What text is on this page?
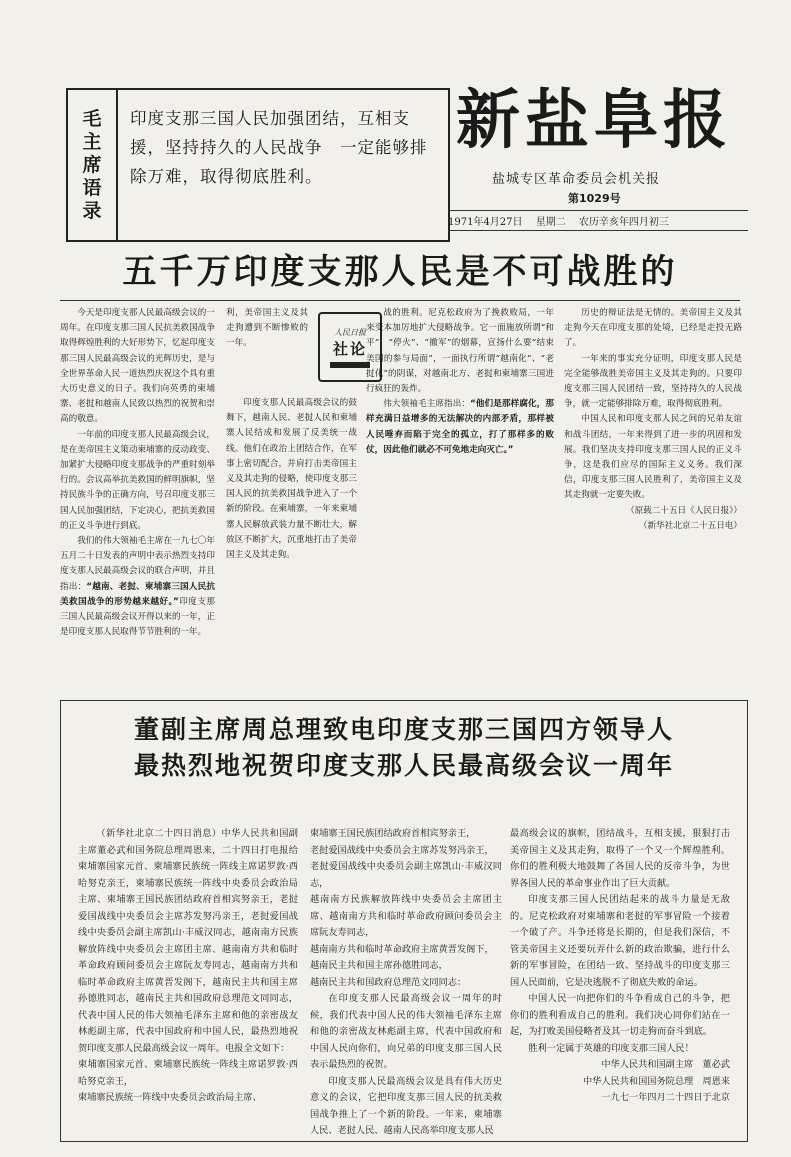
毛
主
席
语
录
印度支那三国人民加强团结，互相支援，坚持持久的人民战争　一定能够排除万难，取得彻底胜利。
新盐阜报
盐城专区革命委员会机关报
第1029号
1971年4月27日 星期二 农历辛亥年四月初三
五千万印度支那人民是不可战胜的

今天是印度支那人民最高级会议的一周年。在印度支那三国人民抗美救国战争取得辉煌胜利的大好形势下，忆起印度支那三国人民最高级会议的光辉历史，是与全世界革命人民一道热烈庆祝这个具有重大历史意义的日子。我们向英勇的柬埔寨、老挝和越南人民致以热烈的祝贺和崇高的敬意。

一年前的印度支那人民最高级会议，是在美帝国主义策动柬埔寨的反动政变、加紧扩大侵略印度支那战争的严重时刻举行的。会议高举抗美救国的鲜明旗帜，坚持民族斗争的正确方向，号召印度支那三国人民加强团结，下定决心，把抗美救国的正义斗争进行到底。

我们的伟大领袖毛主席在一九七〇年五月二十日发表的声明中表示热烈支持印度支那人民最高级会议的联合声明，并且指出：“越南、老挝、柬埔寨三国人民抗美救国战争的形势越来越好。”印度支那三国人民最高级会议开得以来的一年，正是印度支那人民取得节节胜利的一年。

利，美帝国主义及其走狗遭到不断惨败的一年。

人民日报
社论

印度支那人民最高级会议的鼓舞下，越南人民、老挝人民和柬埔寨人民结成和发展了反美统一战线。他们在政治上团结合作，在军事上密切配合，并肩打击美帝国主义及其走狗的侵略，使印度支那三国人民的抗美救国战争进入了一个新的阶段。在柬埔寨，一年来柬埔寨人民解放武装力量不断壮大，解放区不断扩大，沉重地打击了美帝国主义及其走狗。

战的胜利。尼克松政府为了挽救败局，一年来变本加厉地扩大侵略战争。它一面施放所谓“和平”、“停火”、“撤军”的烟幕，宣扬什么要“结束美国的参与局面”，一面执行所谓“越南化”、“老挝化”的阴谋，对越南北方、老挝和柬埔寨三国进行疯狂的轰炸。

伟大领袖毛主席指出：“他们是那样腐化，那样充满日益增多的无法解决的内部矛盾，那样被人民唾弃而陷于完全的孤立，打了那样多的败仗，因此他们就必不可免地走向灭亡。”

历史的辩证法是无情的。美帝国主义及其走狗今天在印度支那的处境，已经是走投无路了。

一年来的事实充分证明，印度支那人民是完全能够战胜美帝国主义及其走狗的。只要印度支那三国人民团结一致，坚持持久的人民战争，就一定能够排除万难，取得彻底胜利。

中国人民和印度支那人民之间的兄弟友谊和战斗团结，一年来得到了进一步的巩固和发展。我们坚决支持印度支那三国人民的正义斗争，这是我们应尽的国际主义义务。我们深信，印度支那三国人民胜利了，美帝国主义及其走狗就一定要失败。

（原载二十五日《人民日报》）

（新华社北京二十五日电）

董副主席周总理致电印度支那三国四方领导人
最热烈地祝贺印度支那人民最高级会议一周年

（新华社北京二十四日消息）中华人民共和国副主席董必武和国务院总理周恩来，二十四日打电报给柬埔寨国家元首、柬埔寨民族统一阵线主席诺罗敦·西哈努克亲王，柬埔寨民族统一阵线中央委员会政治局主席、柬埔寨王国民族团结政府首相宾努亲王，老挝爱国战线中央委员会主席苏发努冯亲王，老挝爱国战线中央委员会副主席凯山·丰威汉同志，越南南方民族解放阵线中央委员会主席团主席、越南南方共和临时革命政府顾问委员会主席阮友寿同志，越南南方共和临时革命政府主席黄晋发阁下，越南民主共和国主席孙德胜同志，越南民主共和国政府总理范文同同志，代表中国人民的伟大领袖毛泽东主席和他的亲密战友林彪副主席，代表中国政府和中国人民，最热烈地祝贺印度支那人民最高级会议一周年。电报全文如下：

柬埔寨国家元首、柬埔寨民族统一阵线主席诺罗敦·西哈努克亲王，

柬埔寨民族统一阵线中央委员会政治局主席、

柬埔寨王国民族团结政府首相宾努亲王，

老挝爱国战线中央委员会主席苏发努冯亲王，

老挝爱国战线中央委员会副主席凯山·丰威汉同志，

越南南方民族解放阵线中央委员会主席团主席、越南南方共和临时革命政府顾问委员会主席阮友寿同志，

越南南方共和临时革命政府主席黄晋发阁下，

越南民主共和国主席孙德胜同志，

越南民主共和国政府总理范文同同志：

在印度支那人民最高级会议一周年的时候，我们代表中国人民的伟大领袖毛泽东主席和他的亲密战友林彪副主席，代表中国政府和中国人民向你们，向兄弟的印度支那三国人民表示最热烈的祝贺。

印度支那人民最高级会议是具有伟大历史意义的会议，它把印度支那三国人民的抗美救国战争推上了一个新的阶段。一年来，柬埔寨人民、老挝人民、越南人民高举印度支那人民

最高级会议的旗帜，团结战斗，互相支援，狠狠打击美帝国主义及其走狗，取得了一个又一个辉煌胜利。你们的胜利极大地鼓舞了各国人民的反帝斗争，为世界各国人民的革命事业作出了巨大贡献。

印度支那三国人民团结起来的战斗力量是无敌的。尼克松政府对柬埔寨和老挝的军事冒险一个接着一个破了产。斗争还将是长期的，但是我们深信，不管美帝国主义还要玩弄什么新的政治欺骗，进行什么新的军事冒险，在团结一致、坚持战斗的印度支那三国人民面前，它是决逃脱不了彻底失败的命运。

中国人民一向把你们的斗争看成自己的斗争，把你们的胜利看成自己的胜利。我们决心同你们站在一起，为打败美国侵略者及其一切走狗而奋斗到底。

胜利一定属于英雄的印度支那三国人民！

中华人民共和国副主席　董必武

中华人民共和国国务院总理　周恩来

一九七一年四月二十四日于北京
